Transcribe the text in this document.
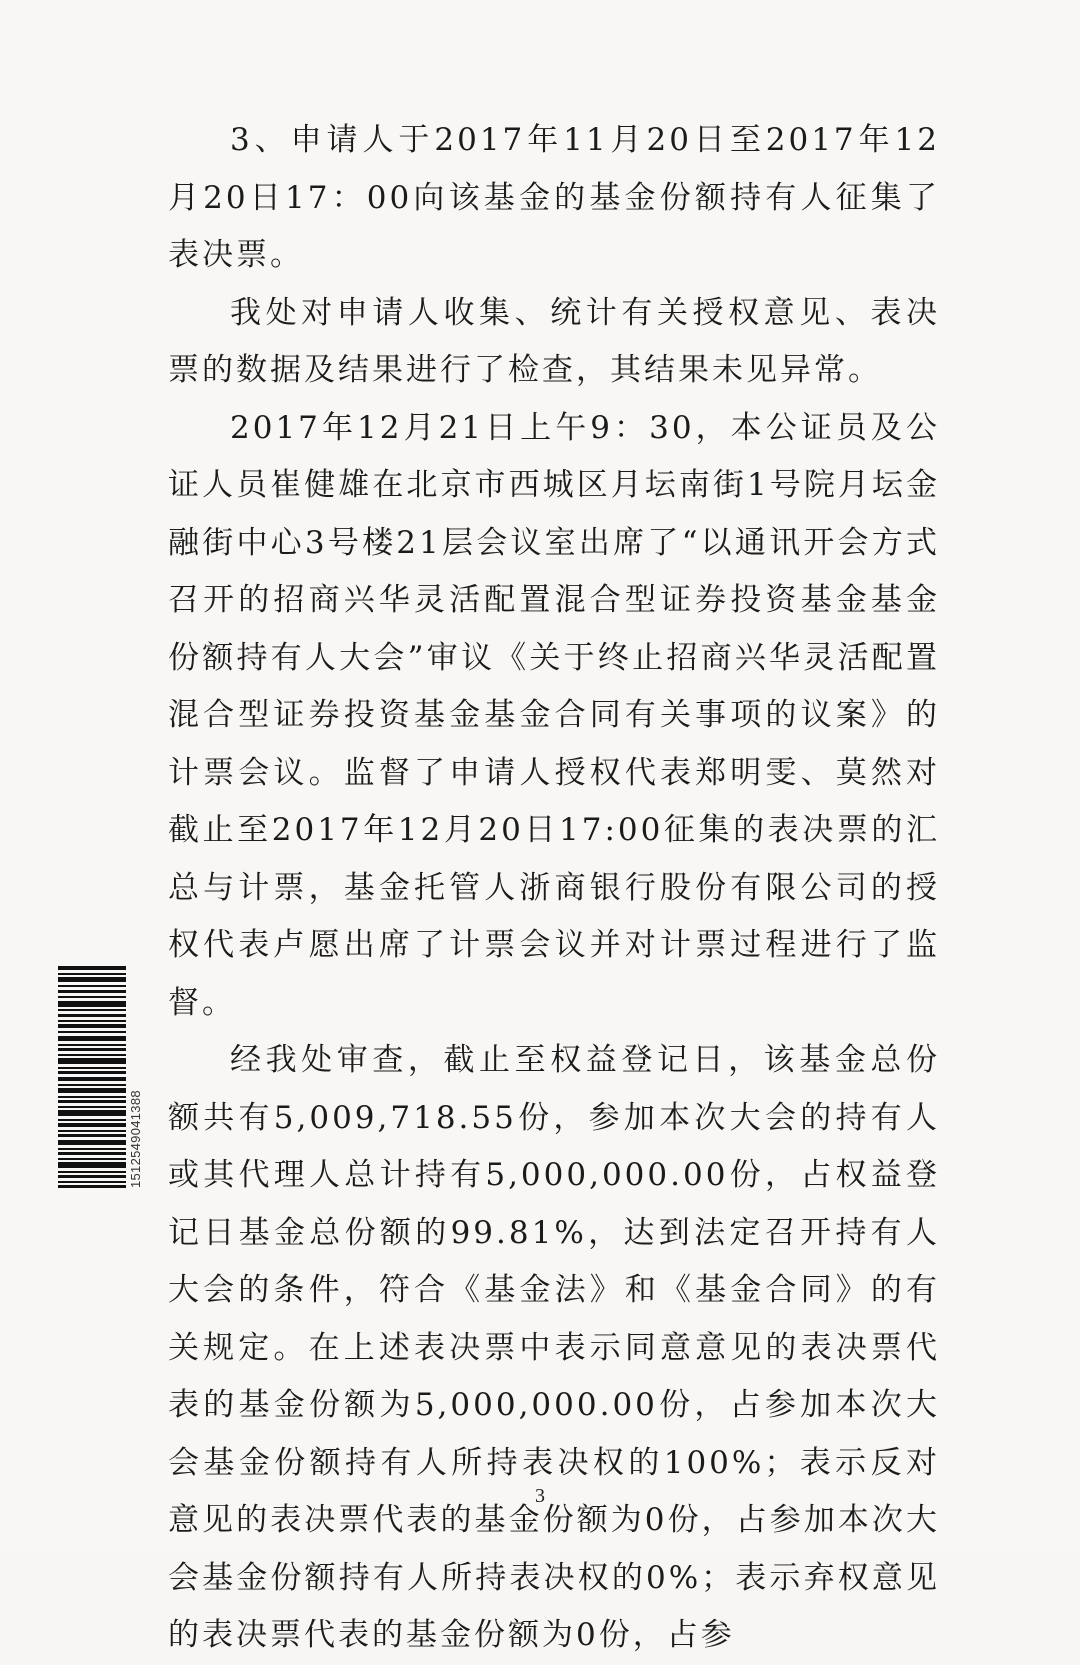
3、申请人于2017年11月20日至2017年12月20日17：00向该基金的基金份额持有人征集了表决票。

我处对申请人收集、统计有关授权意见、表决票的数据及结果进行了检查，其结果未见异常。

2017年12月21日上午9：30，本公证员及公证人员崔健雄在北京市西城区月坛南街1号院月坛金融街中心3号楼21层会议室出席了“以通讯开会方式召开的招商兴华灵活配置混合型证券投资基金基金份额持有人大会”审议《关于终止招商兴华灵活配置混合型证券投资基金基金合同有关事项的议案》的计票会议。监督了申请人授权代表郑明雯、莫然对截止至2017年12月20日17:00征集的表决票的汇总与计票，基金托管人浙商银行股份有限公司的授权代表卢愿出席了计票会议并对计票过程进行了监督。

经我处审查，截止至权益登记日，该基金总份额共有5,009,718.55份，参加本次大会的持有人或其代理人总计持有5,000,000.00份，占权益登记日基金总份额的99.81%，达到法定召开持有人大会的条件，符合《基金法》和《基金合同》的有关规定。在上述表决票中表示同意意见的表决票代表的基金份额为5,000,000.00份，占参加本次大会基金份额持有人所持表决权的100%；表示反对意见的表决票代表的基金份额为0份，占参加本次大会基金份额持有人所持表决权的0%；表示弃权意见的表决票代表的基金份额为0份，占参

1512549041388
3
